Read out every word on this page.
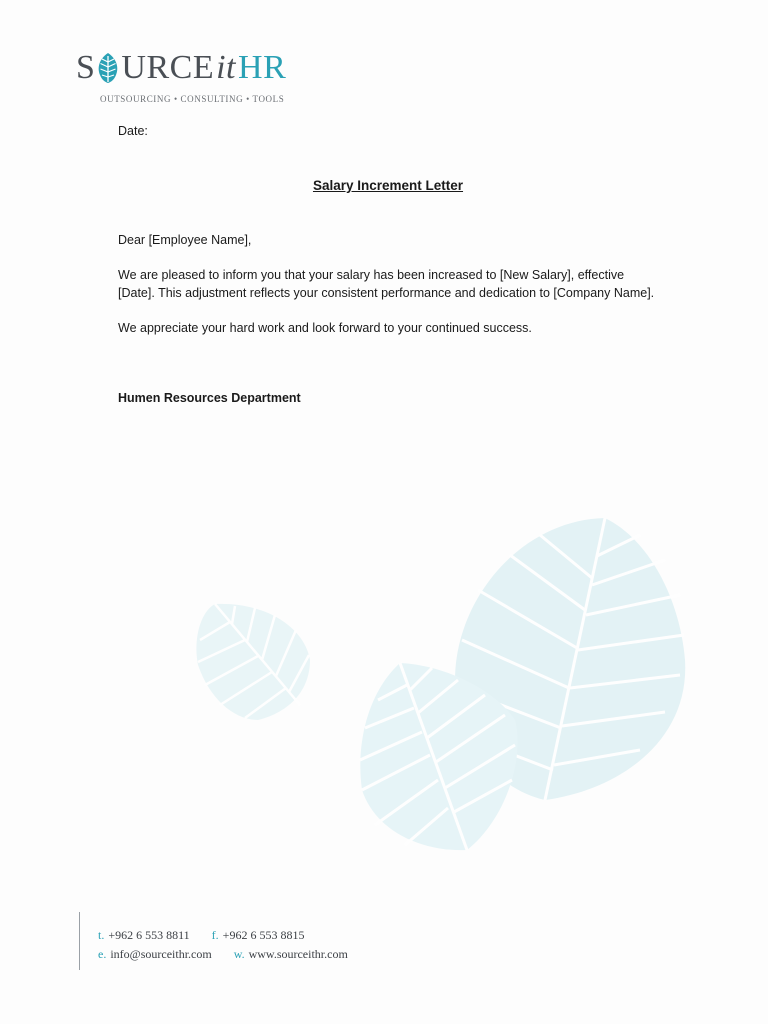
S URCE it HR
OUTSOURCING • CONSULTING • TOOLS

Date:

Salary Increment Letter

Dear [Employee Name],

We are pleased to inform you that your salary has been increased to [New Salary], effective [Date]. This adjustment reflects your consistent performance and dedication to [Company Name].

We appreciate your hard work and look forward to your continued success.

Humen Resources Department

t. +962 6 553 8811 f. +962 6 553 8815
e. info@sourceithr.com w. www.sourceithr.com
